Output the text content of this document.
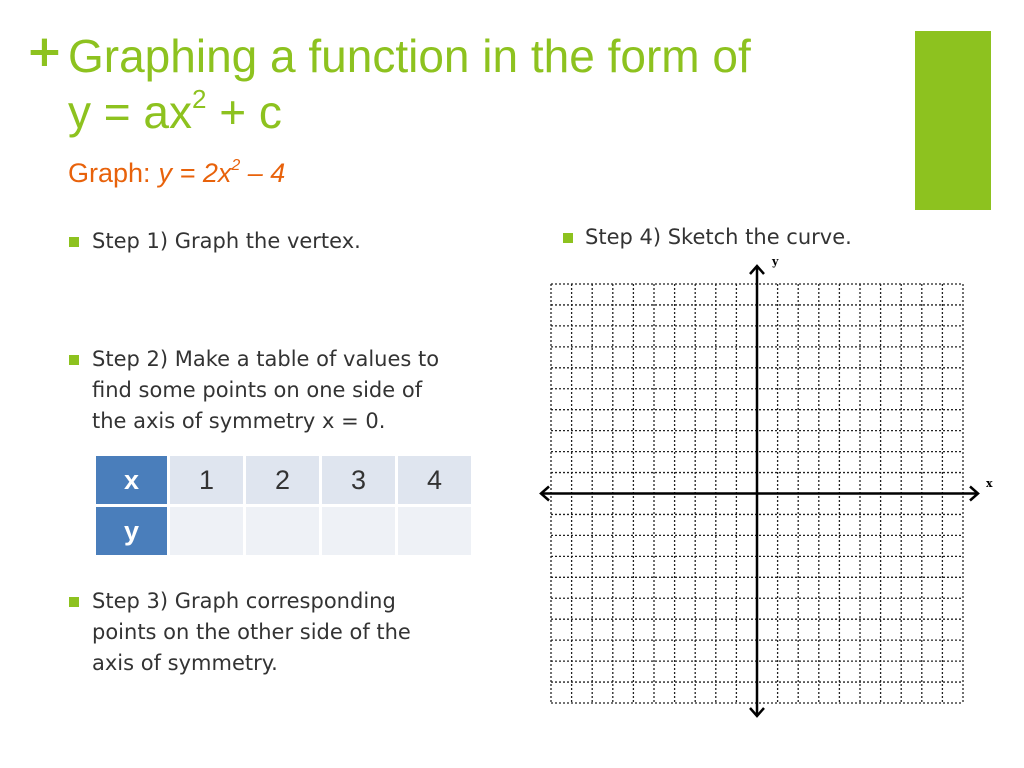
+ Graphing a function in the form of
$y = ax^2 + c$
Graph: $y = 2x^2 - 4$
Step 1) Graph the vertex.
Step 2) Make a table of values to
find some points on one side of
the axis of symmetry x = 0.
x	1	2	3	4
y				
Step 3) Graph corresponding
points on the other side of the
axis of symmetry.
Step 4) Sketch the curve.
x
y
